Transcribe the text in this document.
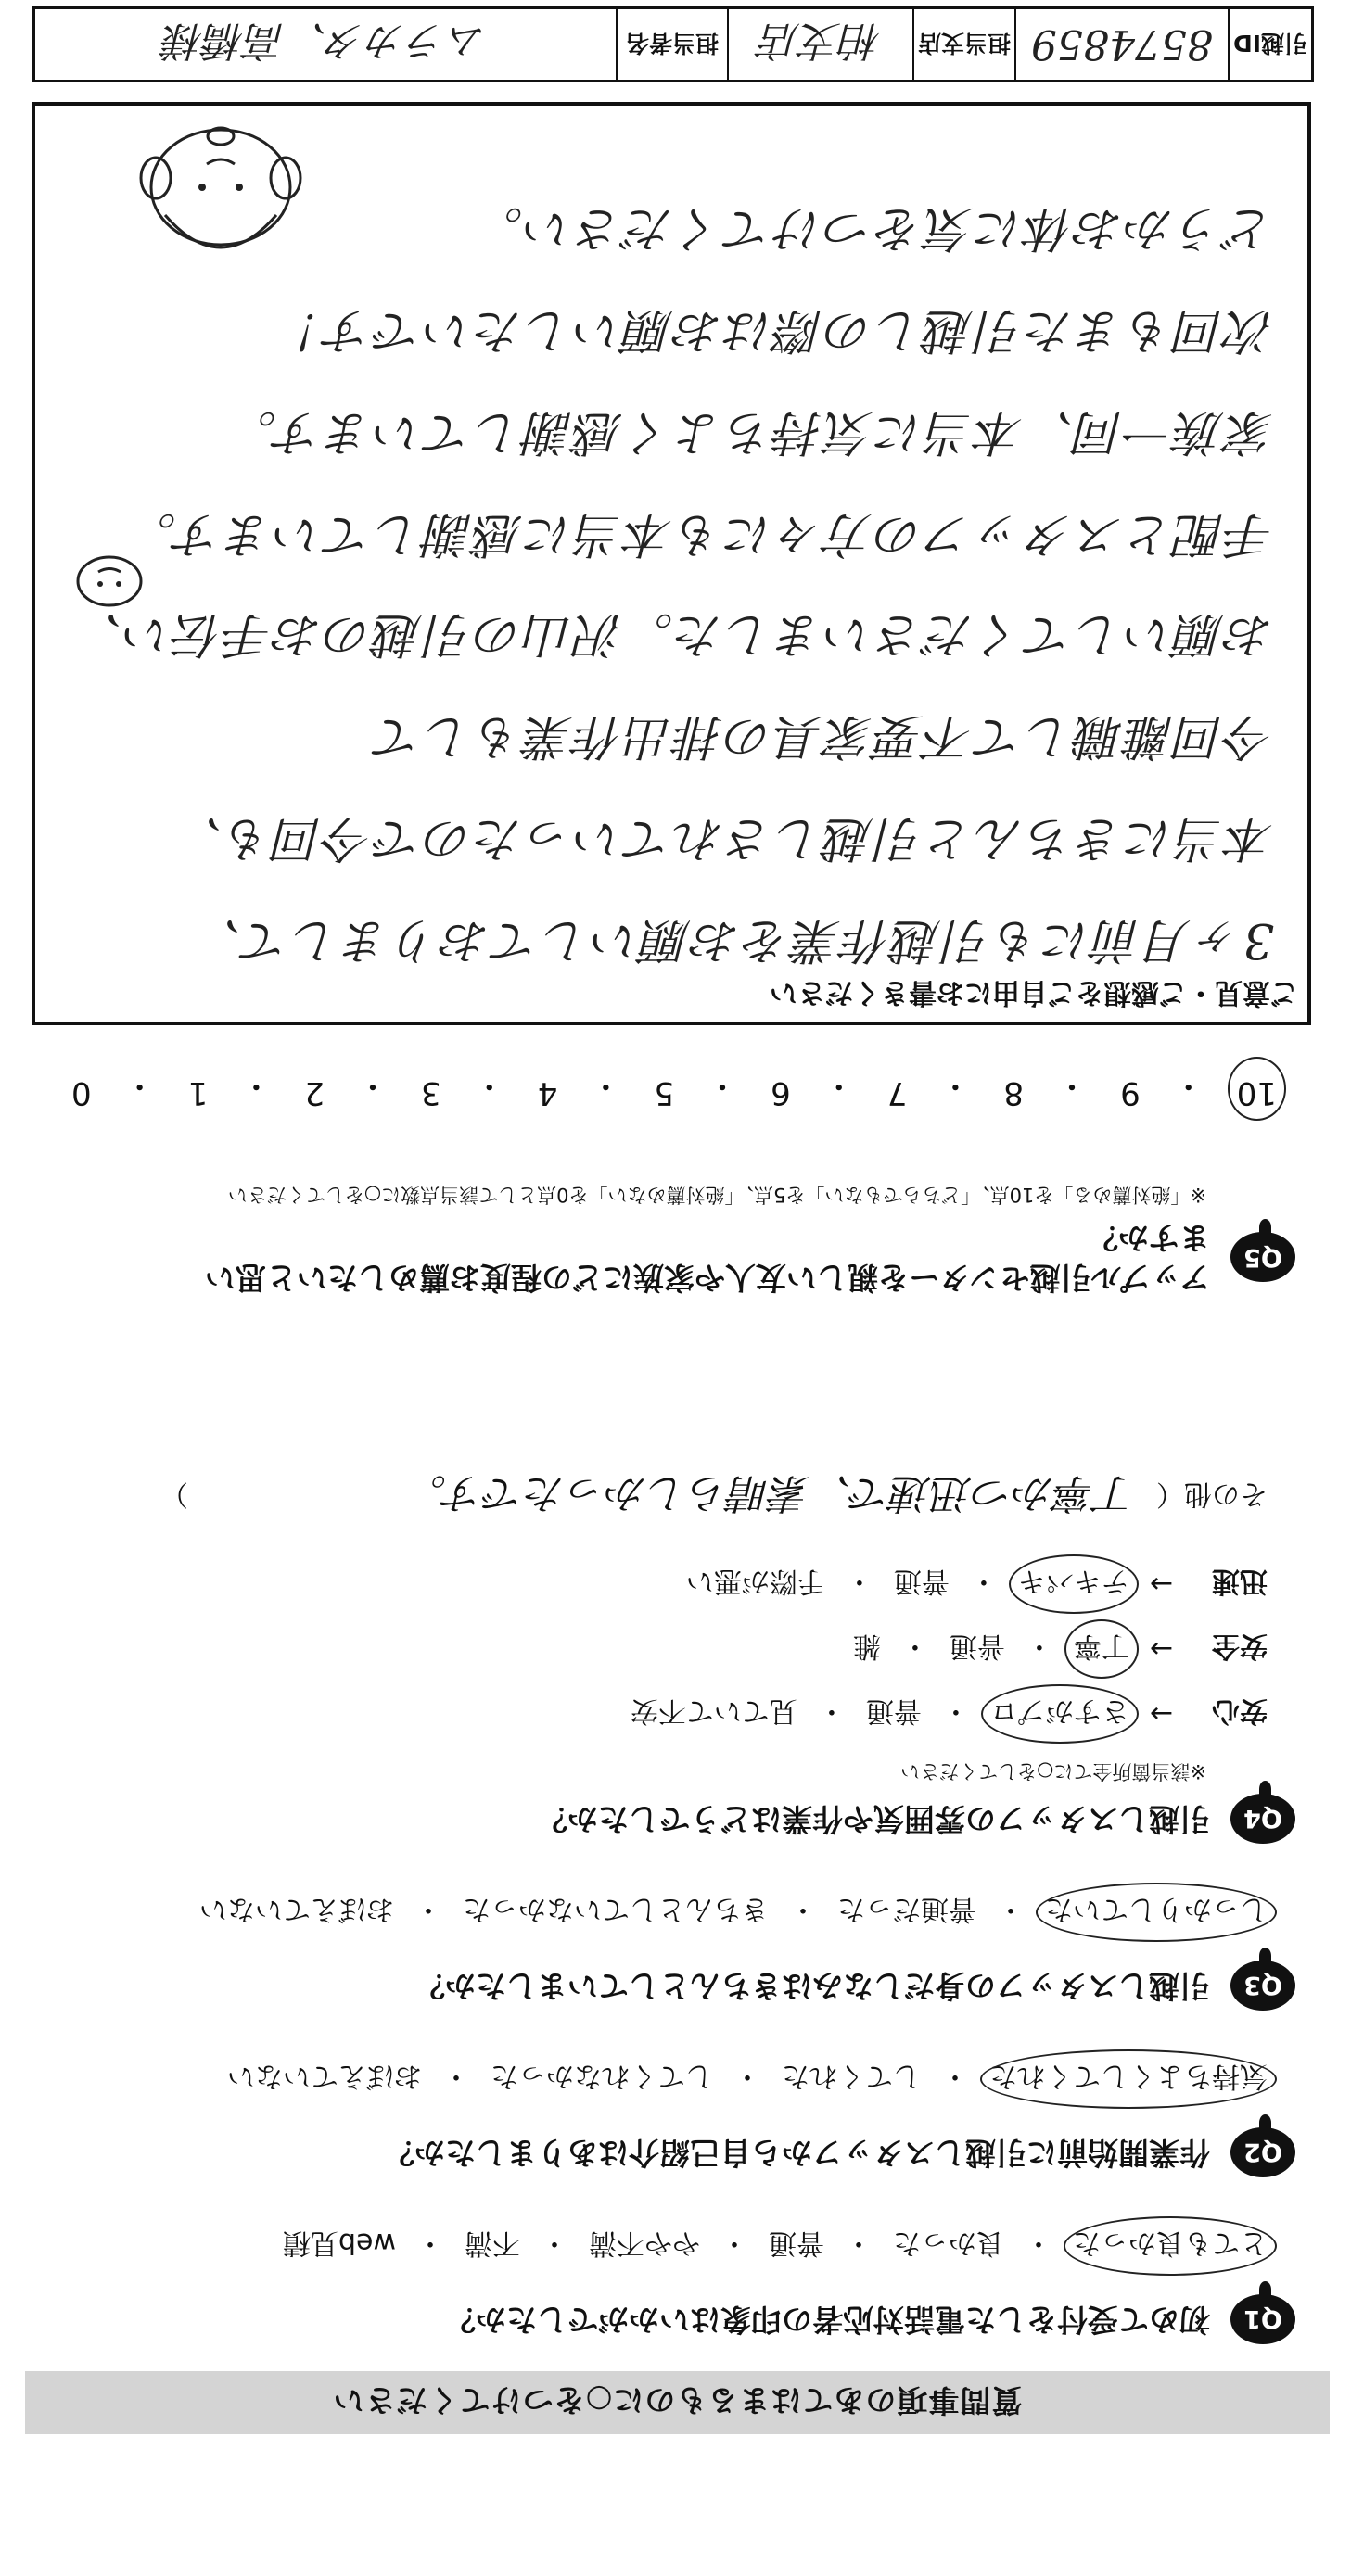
質問事項のあてはまるものに○をつけてください
Q1
初めて受付をした電話対応者の印象はいかがでしたか？
とても良かった
・
良かった
・
普通
・
やや不満
・
不満
・
web見積
Q2
作業開始前に引越しスタッフから自己紹介はありましたか？
気持ちよくしてくれた
・
してくれた
・
してくれなかった
・
おぼえていない
Q3
引越しスタッフの身だしなみはきちんとしていましたか？
しっかりしていた
・
普通だった
・
きちんとしていなかった
・
おぼえていない
Q4
引越しスタッフの雰囲気や作業はどうでしたか？
※該当箇所全てに○をしてください
安心
→
さすがプロ
・
普通
・
見ていて不安
安全
→
丁寧
・
普通
・
雑
迅速
→
テキパキ
・
普通
・
手際が悪い
その他（
丁寧かつ迅速で、素晴らしかったです。
）
Q5
アップル引越センターを親しい友人や家族にどの程度お薦めしたいと思いますか？
※「絶対薦める」を10点、「どちらでもない」を5点、「絶対薦めない」を0点として該当点数に○をしてください
10
・
9
・
8
・
7
・
6
・
5
・
4
・
3
・
2
・
1
・
0
ご意見・ご感想をご自由にお書きください
3ヶ月前にも引越作業をお願いしておりまして、
本当にきちんと引越しされていったので今回も、
今回離職して不要家具の排出作業もして
お願いしてくださいました。沢山の引越のお手伝い、
手配とスタッフの方々にも本当に感謝しています。
家族一同、本当に気持ちよく感謝しています。
次回もまた引越しの際はお願いしたいです！
どうかお体に気をつけてください。
引越ID
8574859
担当支店
柏支店
担当者名
ムラカタ、高橋様
